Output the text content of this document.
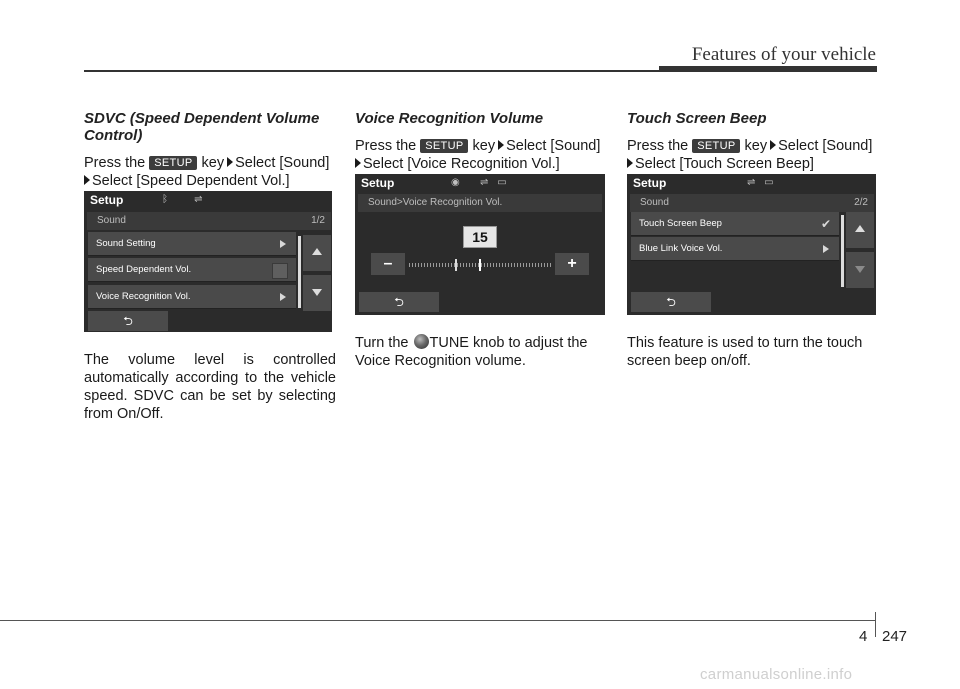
Features of your vehicle

SDVC (Speed Dependent Volume Control)

Press the SETUP key Select [Sound]

Select [Speed Dependent Vol.]

Setup	ᛒ    ⇌
Sound	1/2
Sound Setting
Speed Dependent Vol.
Voice Recognition Vol.
⮌

The volume level is controlled automatically according to the vehicle speed. SDVC can be set by selecting from On/Off.

Voice Recognition Volume

Press the SETUP key Select [Sound]

Select [Voice Recognition Vol.]

Setup	◉   ⇌ ▭
Sound>Voice Recognition Vol.
15
–	+
⮌

Turn the TUNE knob to adjust the Voice Recognition volume.

Touch Screen Beep

Press the SETUP key Select [Sound]

Select [Touch Screen Beep]

Setup	⇌ ▭
Sound	2/2
Touch Screen Beep	✔
Blue Link Voice Vol.
⮌

This feature is used to turn the touch screen beep on/off.

4 247
carmanualsonline.info
